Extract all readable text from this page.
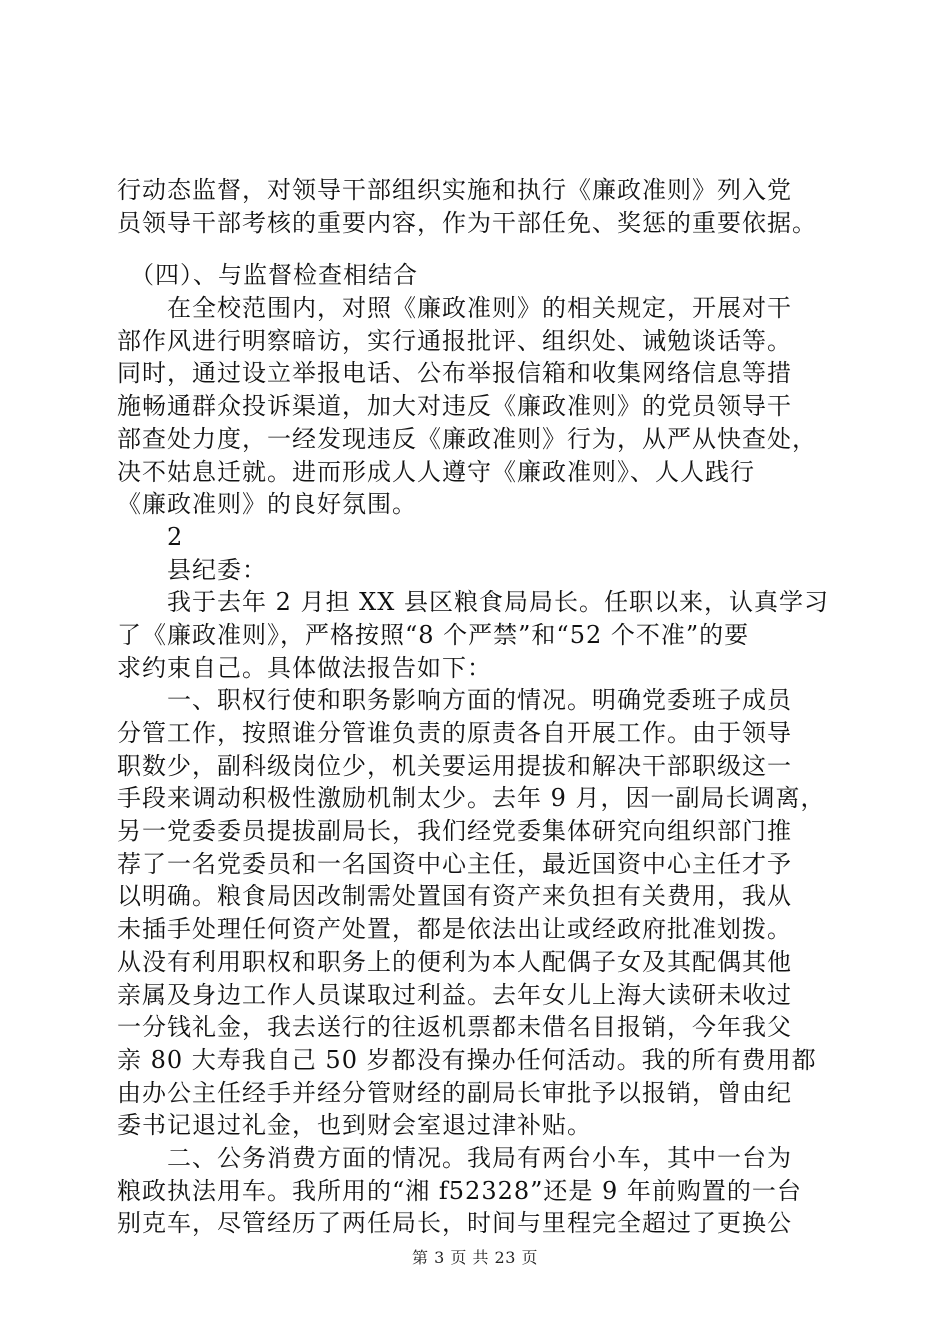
行动态监督，对领导干部组织实施和执行《廉政准则》列入党
员领导干部考核的重要内容，作为干部任免、奖惩的重要依据。
　（四）、与监督检查相结合
　　在全校范围内，对照《廉政准则》的相关规定，开展对干
部作风进行明察暗访，实行通报批评、组织处、诫勉谈话等。
同时，通过设立举报电话、公布举报信箱和收集网络信息等措
施畅通群众投诉渠道，加大对违反《廉政准则》的党员领导干
部查处力度，一经发现违反《廉政准则》行为，从严从快查处，
决不姑息迁就。进而形成人人遵守《廉政准则》、人人践行
《廉政准则》的良好氛围。
　　2
　　县纪委：
　　我于去年 2 月担 XX 县区粮食局局长。任职以来，认真学习
了《廉政准则》，严格按照“8 个严禁”和“52 个不准”的要
求约束自己。具体做法报告如下：
　　一、职权行使和职务影响方面的情况。明确党委班子成员
分管工作，按照谁分管谁负责的原责各自开展工作。由于领导
职数少，副科级岗位少，机关要运用提拔和解决干部职级这一
手段来调动积极性激励机制太少。去年 9 月，因一副局长调离，
另一党委委员提拔副局长，我们经党委集体研究向组织部门推
荐了一名党委员和一名国资中心主任，最近国资中心主任才予
以明确。粮食局因改制需处置国有资产来负担有关费用，我从
未插手处理任何资产处置，都是依法出让或经政府批准划拨。
从没有利用职权和职务上的便利为本人配偶子女及其配偶其他
亲属及身边工作人员谋取过利益。去年女儿上海大读研未收过
一分钱礼金，我去送行的往返机票都未借名目报销，今年我父
亲 80 大寿我自己 50 岁都没有操办任何活动。我的所有费用都
由办公主任经手并经分管财经的副局长审批予以报销，曾由纪
委书记退过礼金，也到财会室退过津补贴。
　　二、公务消费方面的情况。我局有两台小车，其中一台为
粮政执法用车。我所用的“湘 f52328”还是 9 年前购置的一台
别克车，尽管经历了两任局长，时间与里程完全超过了更换公
第 3 页 共 23 页
